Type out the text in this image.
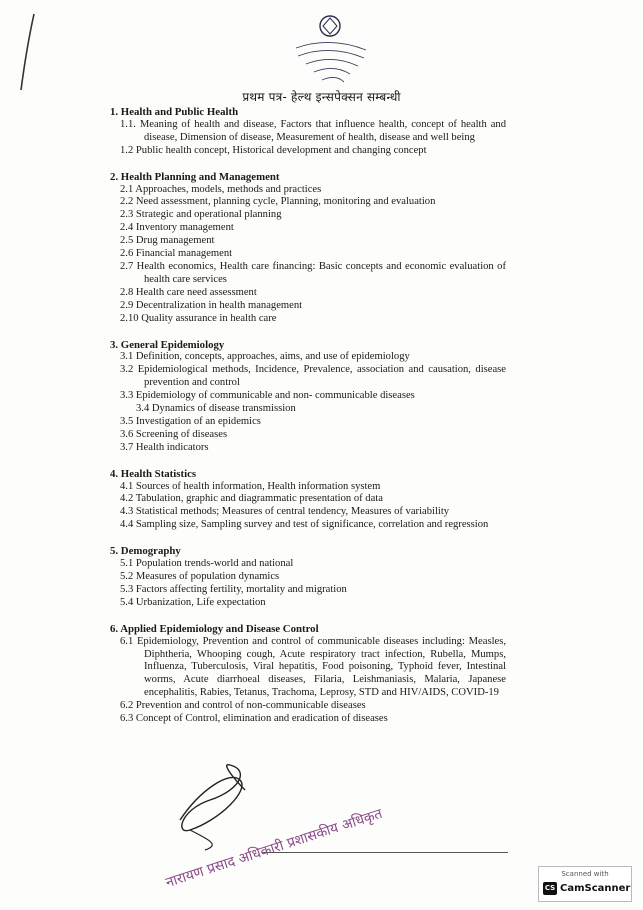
प्रथम पत्र- हेल्थ इन्सपेक्सन सम्बन्धी
1. Health and Public Health
1.1. Meaning of health and disease, Factors that influence health, concept of health and disease, Dimension of disease, Measurement of health, disease and well being
1.2 Public health concept, Historical development and changing concept
2. Health Planning and Management
2.1 Approaches, models, methods and practices
2.2 Need assessment, planning cycle, Planning, monitoring and evaluation
2.3 Strategic and operational planning
2.4 Inventory management
2.5 Drug management
2.6 Financial management
2.7 Health economics, Health care financing: Basic concepts and economic evaluation of health care services
2.8 Health care need assessment
2.9 Decentralization in health management
2.10 Quality assurance in health care
3. General Epidemiology
3.1 Definition, concepts, approaches, aims, and use of epidemiology
3.2 Epidemiological methods, Incidence, Prevalence, association and causation, disease prevention and control
3.3 Epidemiology of communicable and non- communicable diseases
3.4 Dynamics of disease transmission
3.5 Investigation of an epidemics
3.6 Screening of diseases
3.7 Health indicators
4. Health Statistics
4.1 Sources of health information, Health information system
4.2 Tabulation, graphic and diagrammatic presentation of data
4.3 Statistical methods; Measures of central tendency, Measures of variability
4.4 Sampling size, Sampling survey and test of significance, correlation and regression
5. Demography
5.1 Population trends-world and national
5.2 Measures of population dynamics
5.3 Factors affecting fertility, mortality and migration
5.4 Urbanization, Life expectation
6. Applied Epidemiology and Disease Control
6.1 Epidemiology, Prevention and control of communicable diseases including: Measles, Diphtheria, Whooping cough, Acute respiratory tract infection, Rubella, Mumps, Influenza, Tuberculosis, Viral hepatitis, Food poisoning, Typhoid fever, Intestinal worms, Acute diarrhoeal diseases, Filaria, Leishmaniasis, Malaria, Japanese encephalitis, Rabies, Tetanus, Trachoma, Leprosy, STD and HIV/AIDS, COVID-19
6.2 Prevention and control of non-communicable diseases
6.3 Concept of Control, elimination and eradication of diseases
नारायण प्रसाद अधिकारी प्रशासकीय अधिकृत	Scanned with
CS CamScanner
